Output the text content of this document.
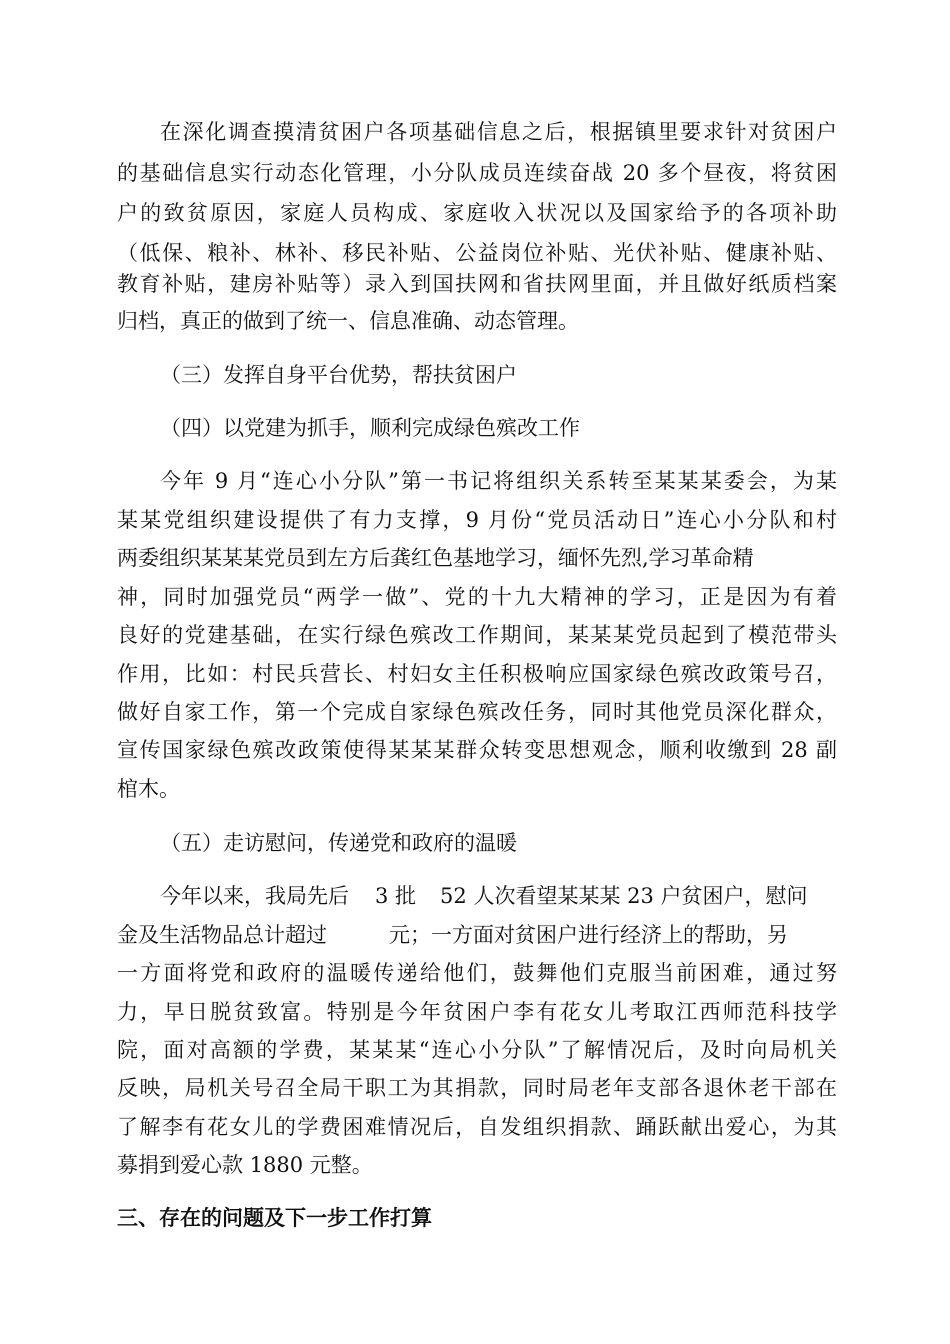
在深化调查摸清贫困户各项基础信息之后，根据镇里要求针对贫困户
的基础信息实行动态化管理，小分队成员连续奋战 20 多个昼夜，将贫困
户的致贫原因，家庭人员构成、家庭收入状况以及国家给予的各项补助
（低保、粮补、林补、移民补贴、公益岗位补贴、光伏补贴、健康补贴、
教育补贴，建房补贴等）录入到国扶网和省扶网里面，并且做好纸质档案
归档，真正的做到了统一、信息准确、动态管理。
（三）发挥自身平台优势，帮扶贫困户
（四）以党建为抓手，顺利完成绿色殡改工作
今年 9 月“连心小分队”第一书记将组织关系转至某某某委会，为某
某某党组织建设提供了有力支撑，9 月份“党员活动日”连心小分队和村
两委组织某某某党员到左方后龚红色基地学习，缅怀先烈,学习革命精
神，同时加强党员“两学一做”、党的十九大精神的学习，正是因为有着
良好的党建基础，在实行绿色殡改工作期间，某某某党员起到了模范带头
作用，比如：村民兵营长、村妇女主任积极响应国家绿色殡改政策号召，
做好自家工作，第一个完成自家绿色殡改任务，同时其他党员深化群众，
宣传国家绿色殡改政策使得某某某群众转变思想观念，顺利收缴到 28 副
棺木。
（五）走访慰问，传递党和政府的温暖
今年以来，我局先后 3 批 52 人次看望某某某 23 户贫困户，慰问
金及生活物品总计超过	元；一方面对贫困户进行经济上的帮助，另
一方面将党和政府的温暖传递给他们，鼓舞他们克服当前困难，通过努
力，早日脱贫致富。特别是今年贫困户李有花女儿考取江西师范科技学
院，面对高额的学费，某某某“连心小分队”了解情况后，及时向局机关
反映，局机关号召全局干职工为其捐款，同时局老年支部各退休老干部在
了解李有花女儿的学费困难情况后，自发组织捐款、踊跃献出爱心，为其
募捐到爱心款 1880 元整。
三、存在的问题及下一步工作打算
